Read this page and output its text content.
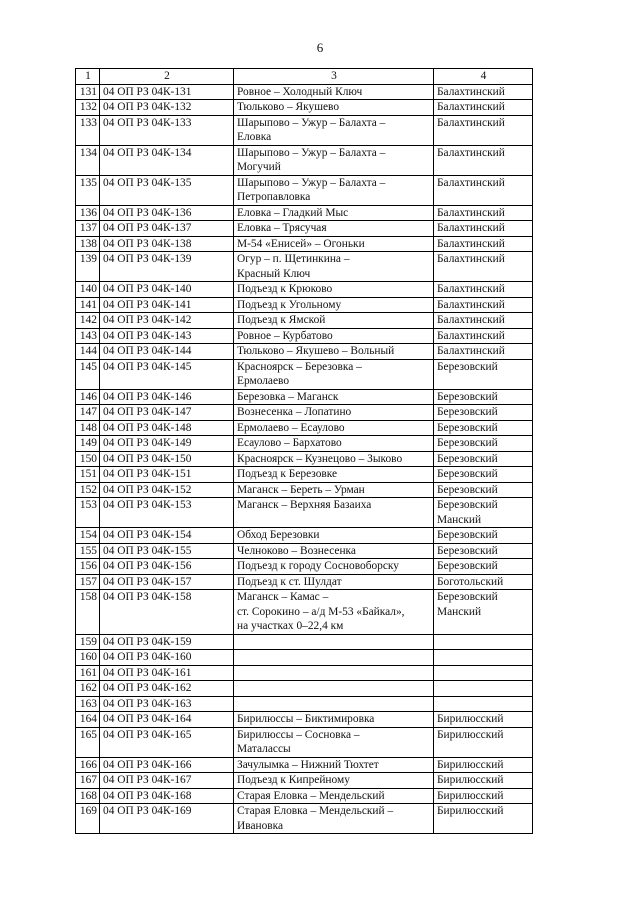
6
1	2	3	4
131	04 ОП РЗ 04К-131	Ровное – Холодный Ключ	Балахтинский

132	04 ОП РЗ 04К-132	Тюльково – Якушево	Балахтинский

133	04 ОП РЗ 04К-133	Шарыпово – Ужур – Балахта –
Еловка	Балахтинский

134	04 ОП РЗ 04К-134	Шарыпово – Ужур – Балахта –
Могучий	Балахтинский

135	04 ОП РЗ 04К-135	Шарыпово – Ужур – Балахта –
Петропавловка	Балахтинский

136	04 ОП РЗ 04К-136	Еловка – Гладкий Мыс	Балахтинский

137	04 ОП РЗ 04К-137	Еловка – Трясучая	Балахтинский

138	04 ОП РЗ 04К-138	М-54 «Енисей» – Огоньки	Балахтинский

139	04 ОП РЗ 04К-139	Огур – п. Щетинкина –
Красный Ключ	Балахтинский

140	04 ОП РЗ 04К-140	Подъезд к Крюково	Балахтинский

141	04 ОП РЗ 04К-141	Подъезд к Угольному	Балахтинский

142	04 ОП РЗ 04К-142	Подъезд к Ямской	Балахтинский

143	04 ОП РЗ 04К-143	Ровное – Курбатово	Балахтинский

144	04 ОП РЗ 04К-144	Тюльково – Якушево – Вольный	Балахтинский

145	04 ОП РЗ 04К-145	Красноярск – Березовка –
Ермолаево	Березовский

146	04 ОП РЗ 04К-146	Березовка – Маганск	Березовский

147	04 ОП РЗ 04К-147	Вознесенка – Лопатино	Березовский

148	04 ОП РЗ 04К-148	Ермолаево – Есаулово	Березовский

149	04 ОП РЗ 04К-149	Есаулово – Бархатово	Березовский

150	04 ОП РЗ 04К-150	Красноярск – Кузнецово – Зыково	Березовский

151	04 ОП РЗ 04К-151	Подъезд к Березовке	Березовский

152	04 ОП РЗ 04К-152	Маганск – Береть – Урман	Березовский

153	04 ОП РЗ 04К-153	Маганск – Верхняя Базаиха	Березовский
Манский

154	04 ОП РЗ 04К-154	Обход Березовки	Березовский

155	04 ОП РЗ 04К-155	Челноково – Вознесенка	Березовский

156	04 ОП РЗ 04К-156	Подъезд к городу Сосновоборску	Березовский

157	04 ОП РЗ 04К-157	Подъезд к ст. Шулдат	Боготольский

158	04 ОП РЗ 04К-158	Маганск – Камас –
ст. Сорокино – а/д М-53 «Байкал»,
на участках 0–22,4 км	Березовский
Манский

159	04 ОП РЗ 04К-159	

160	04 ОП РЗ 04К-160	

161	04 ОП РЗ 04К-161	

162	04 ОП РЗ 04К-162	

163	04 ОП РЗ 04К-163	

164	04 ОП РЗ 04К-164	Бирилюссы – Биктимировка	Бирилюсский

165	04 ОП РЗ 04К-165	Бирилюссы – Сосновка –
Маталассы	Бирилюсский

166	04 ОП РЗ 04К-166	Зачулымка – Нижний Тюхтет	Бирилюсский

167	04 ОП РЗ 04К-167	Подъезд к Кипрейному	Бирилюсский

168	04 ОП РЗ 04К-168	Старая Еловка – Мендельский	Бирилюсский

169	04 ОП РЗ 04К-169	Старая Еловка – Мендельский –
Ивановка	Бирилюсский
